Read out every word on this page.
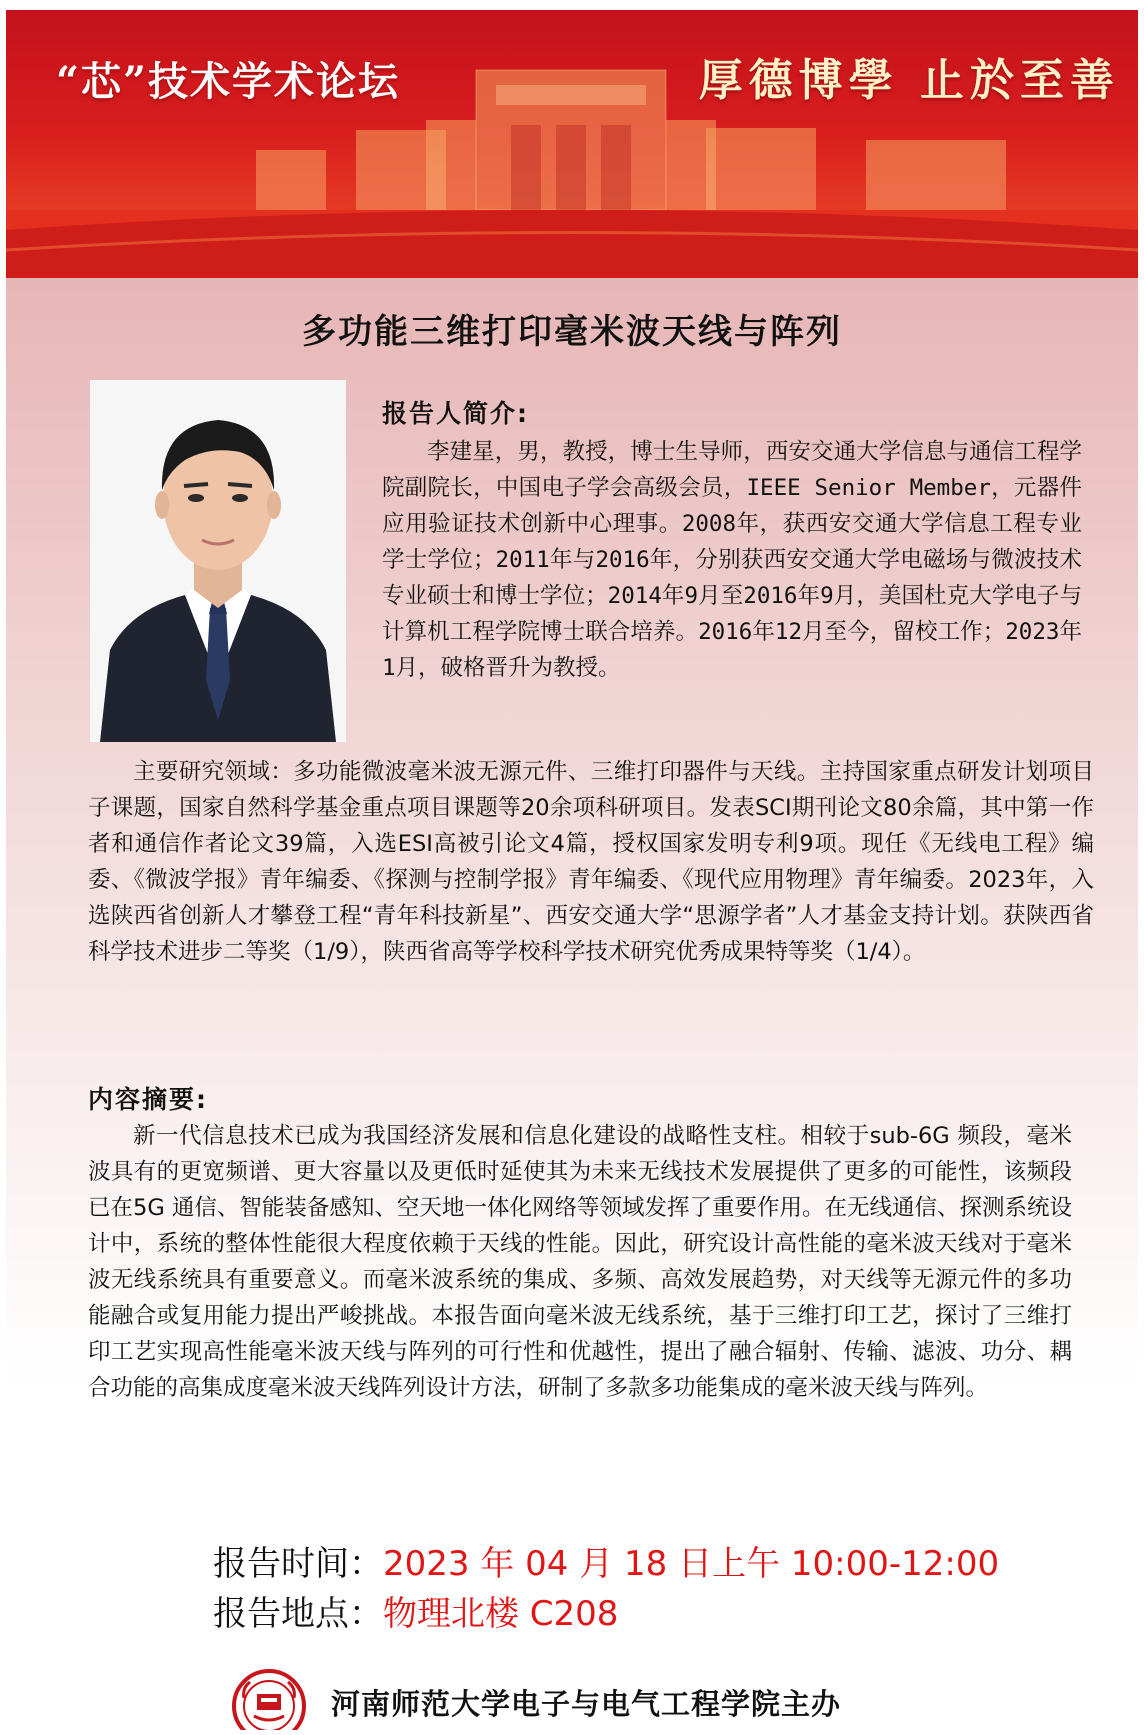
“芯”技术学术论坛	厚德博學 止於至善
多功能三维打印毫米波天线与阵列
报告人简介:
李建星，男，教授，博士生导师，西安交通大学信息与通信工程学院副院长，中国电子学会高级会员，IEEE Senior Member，元器件应用验证技术创新中心理事。2008年，获西安交通大学信息工程专业学士学位；2011年与2016年，分别获西安交通大学电磁场与微波技术专业硕士和博士学位；2014年9月至2016年9月，美国杜克大学电子与计算机工程学院博士联合培养。2016年12月至今，留校工作；2023年1月，破格晋升为教授。
主要研究领域：多功能微波毫米波无源元件、三维打印器件与天线。主持国家重点研发计划项目子课题，国家自然科学基金重点项目课题等20余项科研项目。发表SCI期刊论文80余篇，其中第一作者和通信作者论文39篇，入选ESI高被引论文4篇，授权国家发明专利9项。现任《无线电工程》编委、《微波学报》青年编委、《探测与控制学报》青年编委、《现代应用物理》青年编委。2023年，入选陕西省创新人才攀登工程“青年科技新星”、西安交通大学“思源学者”人才基金支持计划。获陕西省科学技术进步二等奖（1/9），陕西省高等学校科学技术研究优秀成果特等奖（1/4）。
内容摘要:
新一代信息技术已成为我国经济发展和信息化建设的战略性支柱。相较于sub-6G 频段，毫米波具有的更宽频谱、更大容量以及更低时延使其为未来无线技术发展提供了更多的可能性，该频段已在5G 通信、智能装备感知、空天地一体化网络等领域发挥了重要作用。在无线通信、探测系统设计中，系统的整体性能很大程度依赖于天线的性能。因此，研究设计高性能的毫米波天线对于毫米波无线系统具有重要意义。而毫米波系统的集成、多频、高效发展趋势，对天线等无源元件的多功能融合或复用能力提出严峻挑战。本报告面向毫米波无线系统，基于三维打印工艺，探讨了三维打印工艺实现高性能毫米波天线与阵列的可行性和优越性，提出了融合辐射、传输、滤波、功分、耦合功能的高集成度毫米波天线阵列设计方法，研制了多款多功能集成的毫米波天线与阵列。
报告时间：2023 年 04 月 18 日上午 10:00-12:00
报告地点：物理北楼 C208
河南师范大学电子与电气工程学院主办
